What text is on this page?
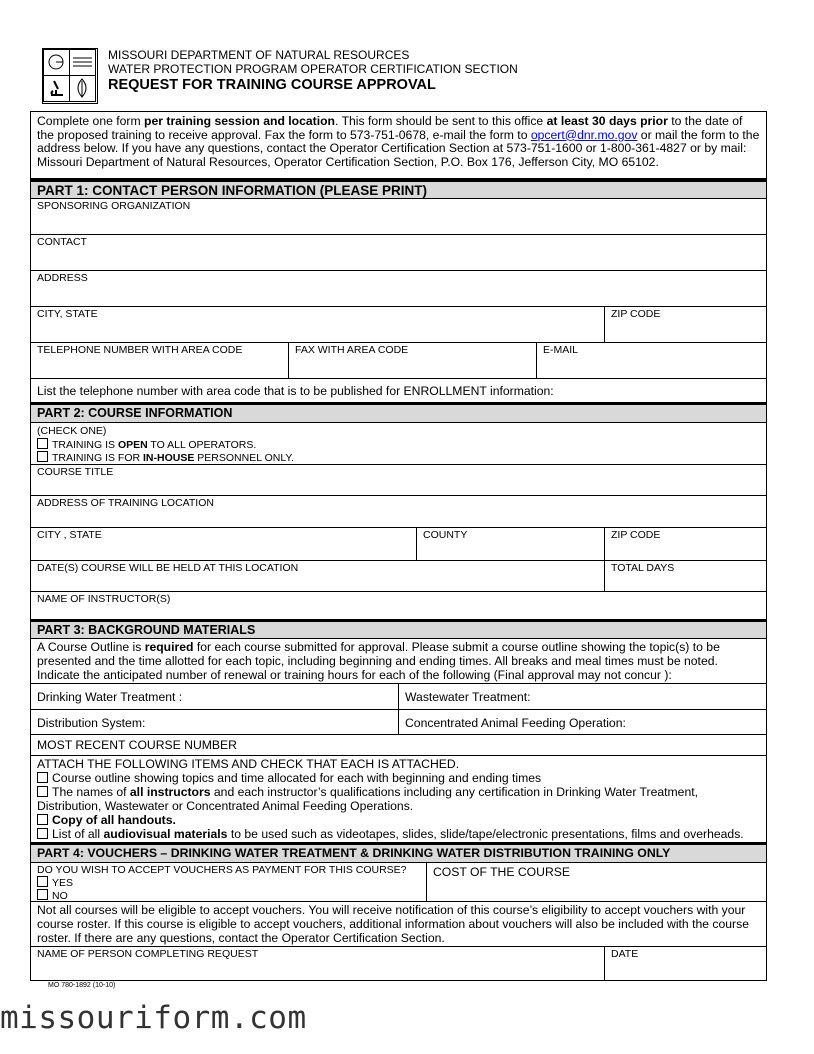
MISSOURI DEPARTMENT OF NATURAL RESOURCES
WATER PROTECTION PROGRAM OPERATOR CERTIFICATION SECTION
REQUEST FOR TRAINING COURSE APPROVAL
Complete one form per training session and location. This form should be sent to this office at least 30 days prior to the date of the proposed training to receive approval. Fax the form to 573-751-0678, e-mail the form to opcert@dnr.mo.gov or mail the form to the address below. If you have any questions, contact the Operator Certification Section at 573-751-1600 or 1-800-361-4827 or by mail: Missouri Department of Natural Resources, Operator Certification Section, P.O. Box 176, Jefferson City, MO 65102.
PART 1: CONTACT PERSON INFORMATION (PLEASE PRINT)
SPONSORING ORGANIZATION
CONTACT
ADDRESS
CITY, STATE	ZIP CODE
TELEPHONE NUMBER WITH AREA CODE	FAX WITH AREA CODE	E-MAIL
List the telephone number with area code that is to be published for ENROLLMENT information:
PART 2: COURSE INFORMATION
(CHECK ONE)
TRAINING IS OPEN TO ALL OPERATORS.
TRAINING IS FOR IN-HOUSE PERSONNEL ONLY.
COURSE TITLE
ADDRESS OF TRAINING LOCATION
CITY , STATE	COUNTY	ZIP CODE
DATE(S) COURSE WILL BE HELD AT THIS LOCATION	TOTAL DAYS
NAME OF INSTRUCTOR(S)
PART 3: BACKGROUND MATERIALS
A Course Outline is required for each course submitted for approval. Please submit a course outline showing the topic(s) to be presented and the time allotted for each topic, including beginning and ending times. All breaks and meal times must be noted. Indicate the anticipated number of renewal or training hours for each of the following (Final approval may not concur ):
Drinking Water Treatment :	Wastewater Treatment:
Distribution System:	Concentrated Animal Feeding Operation:
MOST RECENT COURSE NUMBER
ATTACH THE FOLLOWING ITEMS AND CHECK THAT EACH IS ATTACHED.
Course outline showing topics and time allocated for each with beginning and ending times
The names of all instructors and each instructor’s qualifications including any certification in Drinking Water Treatment, Distribution, Wastewater or Concentrated Animal Feeding Operations.
Copy of all handouts.
List of all audiovisual materials to be used such as videotapes, slides, slide/tape/electronic presentations, films and overheads.
PART 4: VOUCHERS – DRINKING WATER TREATMENT & DRINKING WATER DISTRIBUTION TRAINING ONLY
DO YOU WISH TO ACCEPT VOUCHERS AS PAYMENT FOR THIS COURSE?
YES
NO
COST OF THE COURSE
Not all courses will be eligible to accept vouchers. You will receive notification of this course’s eligibility to accept vouchers with your course roster. If this course is eligible to accept vouchers, additional information about vouchers will also be included with the course roster. If there are any questions, contact the Operator Certification Section.
NAME OF PERSON COMPLETING REQUEST	DATE
MO 780-1892 (10-10)
missouriform.com
